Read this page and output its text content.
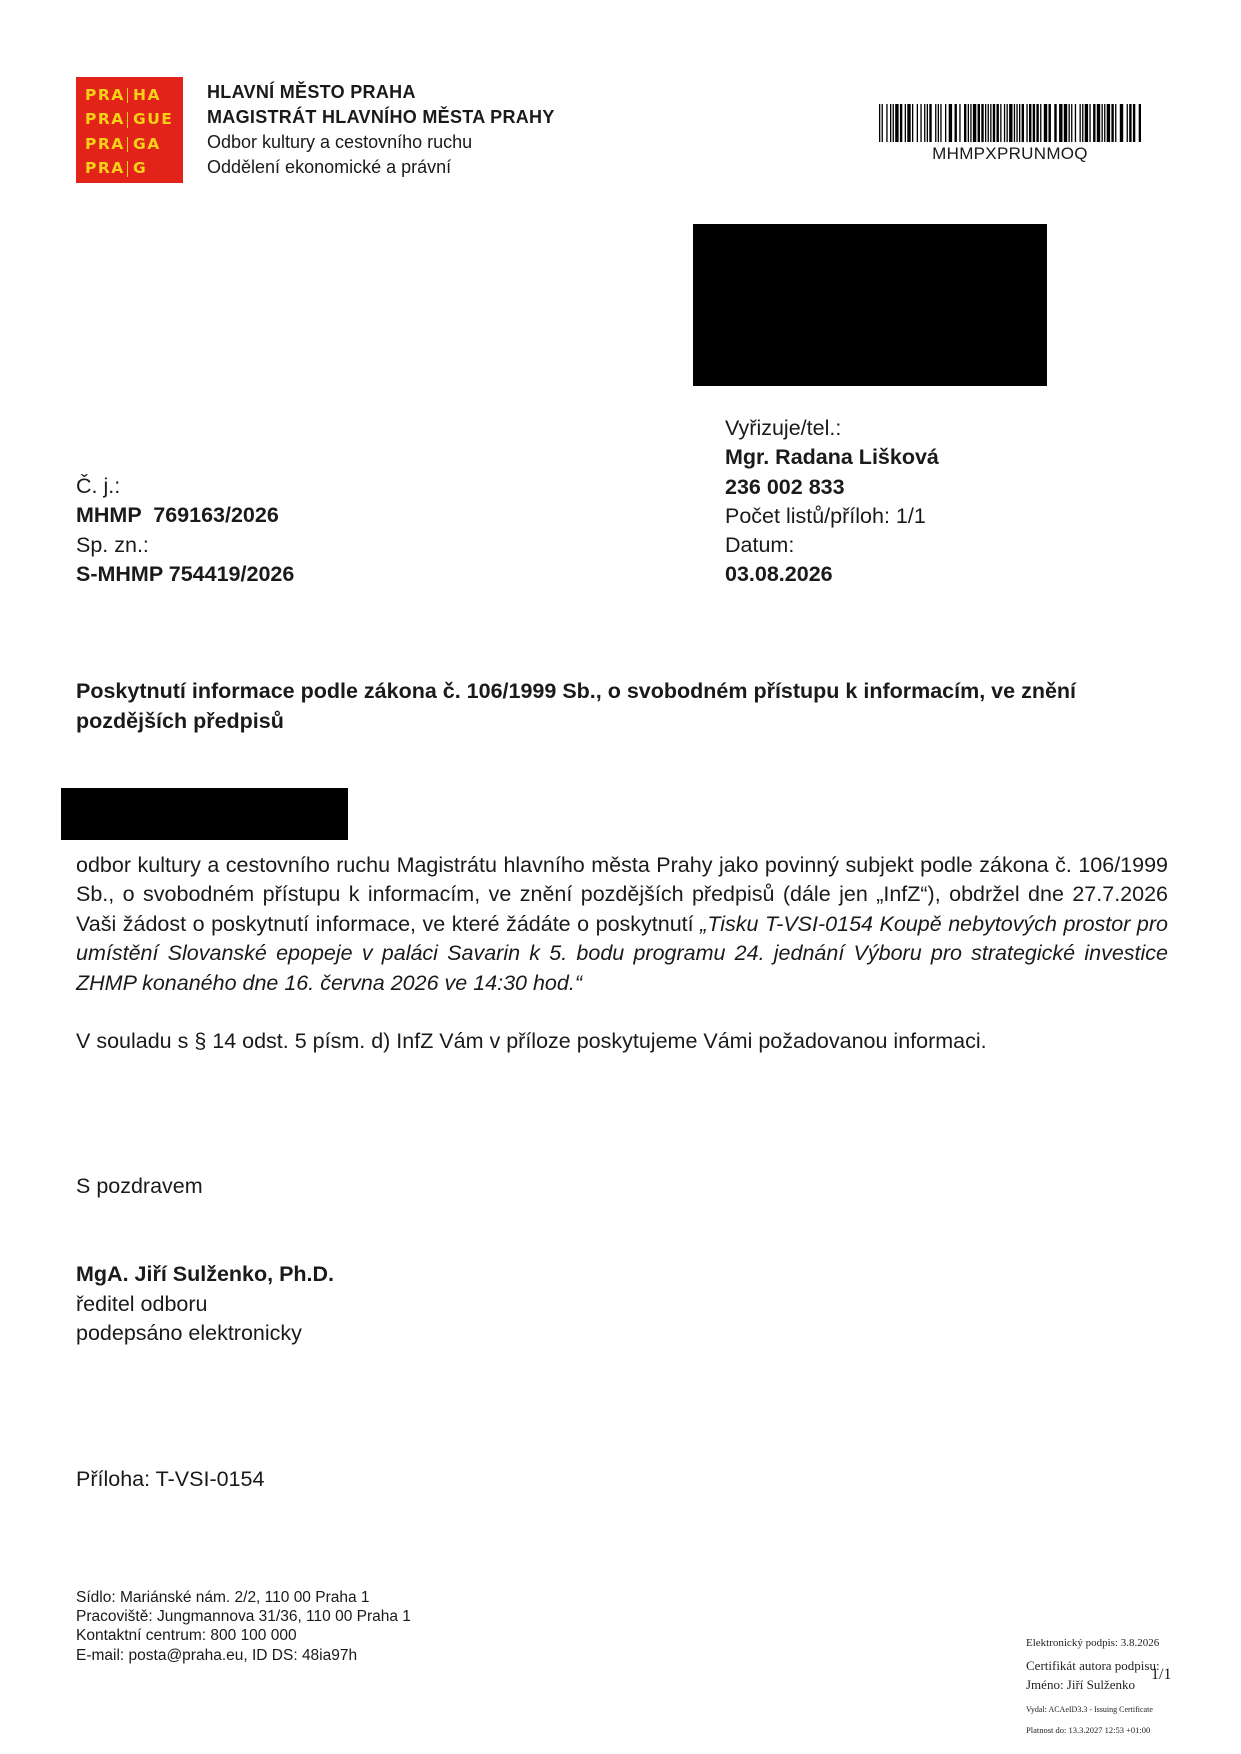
PRA HA
PRA GUE
PRA GA
PRA G
HLAVNÍ MĚSTO PRAHA
MAGISTRÁT HLAVNÍHO MĚSTA PRAHY
Odbor kultury a cestovního ruchu
Oddělení ekonomické a právní
MHMPXPRUNMOQ
Č. j.:
MHMP  769163/2026
Sp. zn.:
S-MHMP 754419/2026
Vyřizuje/tel.:
Mgr. Radana Lišková
236 002 833
Počet listů/příloh: 1/1
Datum:
03.08.2026
Poskytnutí informace podle zákona č. 106/1999 Sb., o svobodném přístupu k informacím, ve znění pozdějších předpisů
odbor kultury a cestovního ruchu Magistrátu hlavního města Prahy jako povinný subjekt podle zákona č. 106/1999 Sb., o svobodném přístupu k informacím, ve znění pozdějších předpisů (dále jen „InfZ“), obdržel dne 27.7.2026 Vaši žádost o poskytnutí informace, ve které žádáte o poskytnutí „Tisku T-VSI-0154 Koupě nebytových prostor pro umístění Slovanské epopeje v paláci Savarin k 5. bodu programu 24. jednání Výboru pro strategické investice ZHMP konaného dne 16. června 2026 ve 14:30 hod.“
V souladu s § 14 odst. 5 písm. d) InfZ Vám v příloze poskytujeme Vámi požadovanou informaci.
S pozdravem
MgA. Jiří Sulženko, Ph.D.
ředitel odboru
podepsáno elektronicky
Příloha: T-VSI-0154
Sídlo: Mariánské nám. 2/2, 110 00 Praha 1
Pracoviště: Jungmannova 31/36, 110 00 Praha 1
Kontaktní centrum: 800 100 000
E-mail: posta@praha.eu, ID DS: 48ia97h
Elektronický podpis: 3.8.2026
Certifikát autora podpisu:
Jméno: Jiří Sulženko
Vydal: ACAeID3.3 - Issuing Certificate
Platnost do: 13.3.2027 12:53 +01:00
1/1
